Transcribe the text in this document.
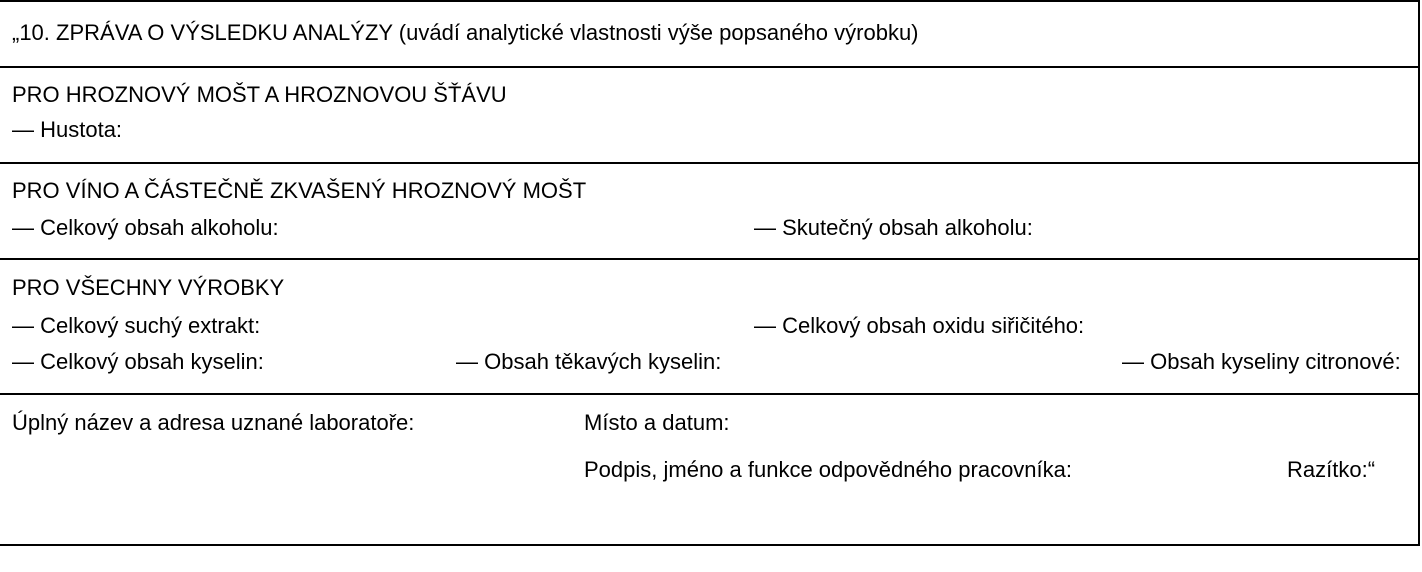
„10. ZPRÁVA O VÝSLEDKU ANALÝZY (uvádí analytické vlastnosti výše popsaného výrobku)
PRO HROZNOVÝ MOŠT A HROZNOVOU ŠŤÁVU
— Hustota:
PRO VÍNO A ČÁSTEČNĚ ZKVAŠENÝ HROZNOVÝ MOŠT
— Celkový obsah alkoholu:	— Skutečný obsah alkoholu:
PRO VŠECHNY VÝROBKY
— Celkový suchý extrakt:	— Celkový obsah oxidu siřičitého:
— Celkový obsah kyselin:	— Obsah těkavých kyselin:	— Obsah kyseliny citronové:
Úplný název a adresa uznané laboratoře:	Místo a datum:
Podpis, jméno a funkce odpovědného pracovníka:	Razítko:“
